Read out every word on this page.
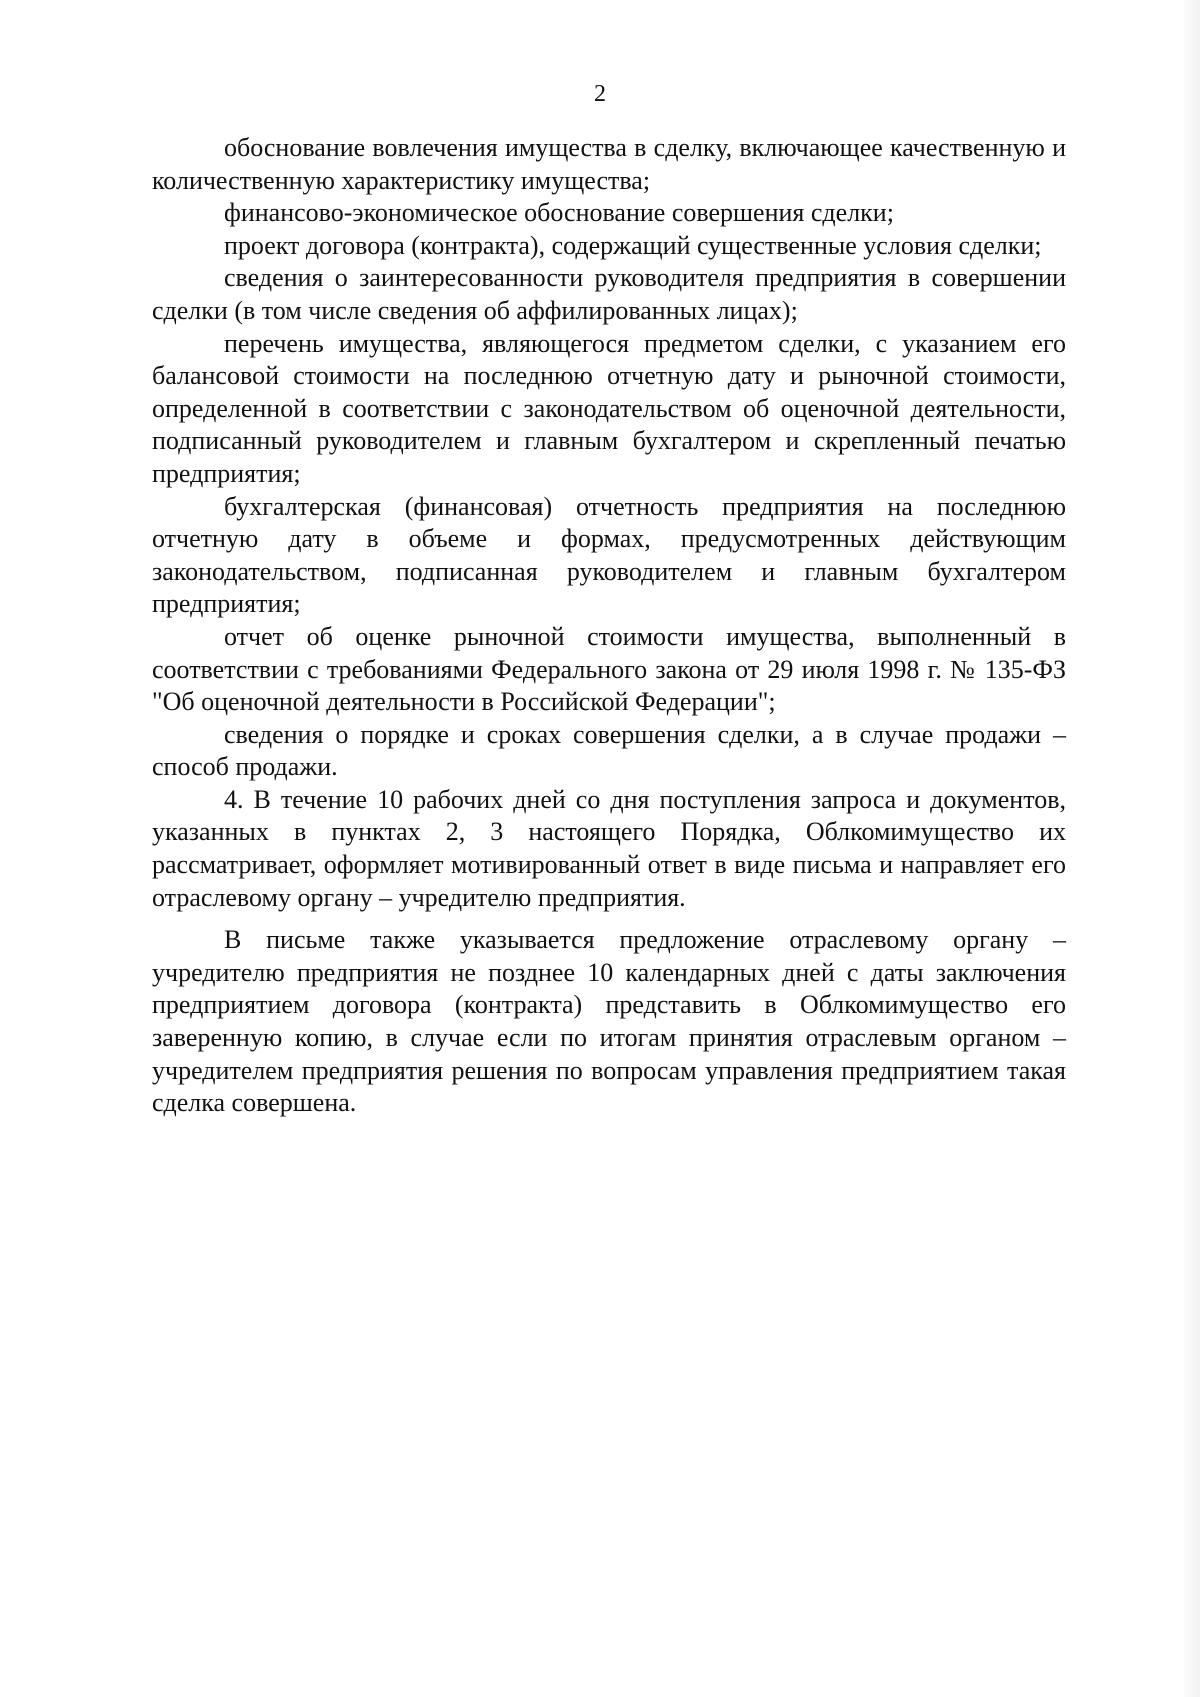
2

обоснование вовлечения имущества в сделку, включающее качественную и количественную характеристику имущества;

финансово-экономическое обоснование совершения сделки;

проект договора (контракта), содержащий существенные условия сделки;

сведения о заинтересованности руководителя предприятия в совершении сделки (в том числе сведения об аффилированных лицах);

перечень имущества, являющегося предметом сделки, с указанием его балансовой стоимости на последнюю отчетную дату и рыночной стоимости, определенной в соответствии с законодательством об оценочной деятельности, подписанный руководителем и главным бухгалтером и скрепленный печатью предприятия;

бухгалтерская (финансовая) отчетность предприятия на последнюю отчетную дату в объеме и формах, предусмотренных действующим законодательством, подписанная руководителем и главным бухгалтером предприятия;

отчет об оценке рыночной стоимости имущества, выполненный в соответствии с требованиями Федерального закона от 29 июля 1998 г. № 135-ФЗ "Об оценочной деятельности в Российской Федерации";

сведения о порядке и сроках совершения сделки, а в случае продажи – способ продажи.

4. В течение 10 рабочих дней со дня поступления запроса и документов, указанных в пунктах 2, 3 настоящего Порядка, Облкомимущество их рассматривает, оформляет мотивированный ответ в виде письма и направляет его отраслевому органу – учредителю предприятия.

В письме также указывается предложение отраслевому органу – учредителю предприятия не позднее 10 календарных дней с даты заключения предприятием договора (контракта) представить в Облкомимущество его заверенную копию, в случае если по итогам принятия отраслевым органом – учредителем предприятия решения по вопросам управления предприятием такая сделка совершена.
